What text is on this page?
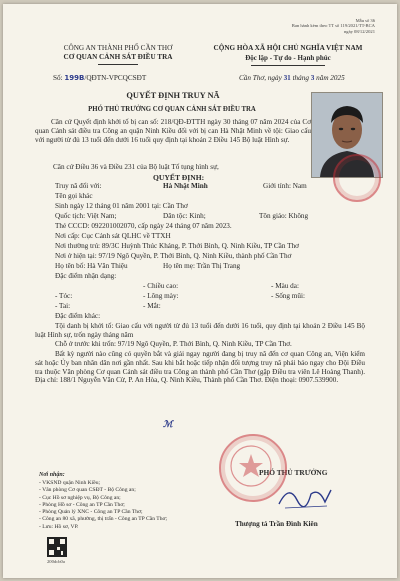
Mẫu số 36
Ban hành kèm theo TT số 119/2021/TT-BCA
ngày 08/12/2021
CÔNG AN THÀNH PHỐ CẦN THƠ
CƠ QUAN CẢNH SÁT ĐIỀU TRA
CỘNG HÒA XÃ HỘI CHỦ NGHĨA VIỆT NAM
Độc lập - Tự do - Hạnh phúc
Số: 199B/QĐTN-VPCQCSĐT	Cần Thơ, ngày 31 tháng 3 năm 2025
QUYẾT ĐỊNH TRUY NÃ
PHÓ THỦ TRƯỞNG CƠ QUAN CẢNH SÁT ĐIỀU TRA
Căn cứ Quyết định khởi tố bị can số: 218/QĐ-ĐTTH ngày 30 tháng 07 năm 2024 của Cơ quan Cảnh sát điều tra Công an quận Ninh Kiều đối với bị can Hà Nhật Minh về tội: Giao cấu với người từ đủ 13 tuổi đến dưới 16 tuổi quy định tại khoản 2 Điều 145 Bộ luật Hình sự.
Căn cứ Điều 36 và Điều 231 của Bộ luật Tố tụng hình sự,
QUYẾT ĐỊNH:
Truy nã đối với:	Hà Nhật Minh	Giới tính: Nam
Tên gọi khác
Sinh ngày 12 tháng 01 năm 2001 tại: Cần Thơ
Quốc tịch: Việt Nam;	Dân tộc: Kinh;	Tôn giáo: Không
Thẻ CCCD: 092201002070, cấp ngày 24 tháng 07 năm 2023.
Nơi cấp: Cục Cảnh sát QLHC về TTXH
Nơi thường trú: 89/3C Huỳnh Thúc Kháng, P. Thới Bình, Q. Ninh Kiều, TP Cần Thơ
Nơi ở hiện tại: 97/19 Ngô Quyền, P. Thới Bình, Q. Ninh Kiều, thành phố Cần Thơ
Họ tên bố: Hà Văn Thiệu	Họ tên mẹ: Trần Thị Trang
Đặc điểm nhận dạng:
- Chiều cao:	- Màu da:
- Tóc:	- Lông mày:	- Sống mũi:
- Tai:	- Mắt:
Đặc điểm khác:
Tội danh bị khởi tố: Giao cấu với người từ đủ 13 tuổi đến dưới 16 tuổi, quy định tại khoản 2 Điều 145 Bộ luật Hình sự, trốn ngày tháng năm
Chỗ ở trước khi trốn: 97/19 Ngô Quyền, P. Thới Bình, Q. Ninh Kiều, TP Cần Thơ.
Bất kỳ người nào cũng có quyền bắt và giải ngay người đang bị truy nã đến cơ quan Công an, Viện kiểm sát hoặc Ủy ban nhân dân nơi gần nhất. Sau khi bắt hoặc tiếp nhận đối tượng truy nã phải báo ngay cho Đội Điều tra thuộc Văn phòng Cơ quan Cảnh sát điều tra Công an thành phố Cần Thơ (gặp Điều tra viên Lê Hoàng Thanh). Địa chỉ: 188/1 Nguyễn Văn Cừ, P. An Hòa, Q. Ninh Kiều, Thành phố Cần Thơ. Điện thoại: 0907.539900.
ℳ
Nơi nhận:
- VKSND quận Ninh Kiều;
- Văn phòng Cơ quan CSĐT - Bộ Công an;
- Cục Hồ sơ nghiệp vụ, Bộ Công an;
- Phòng Hồ sơ - Công an TP Cần Thơ;
- Phòng Quản lý XNC - Công an TP Cần Thơ;
- Công an 80 xã, phường, thị trấn - Công an TP Cần Thơ;
- Lưu: Hồ sơ, VP.
200dcb0a
PHÓ THỦ TRƯỞNG
Thượng tá Trần Đình Kiên
